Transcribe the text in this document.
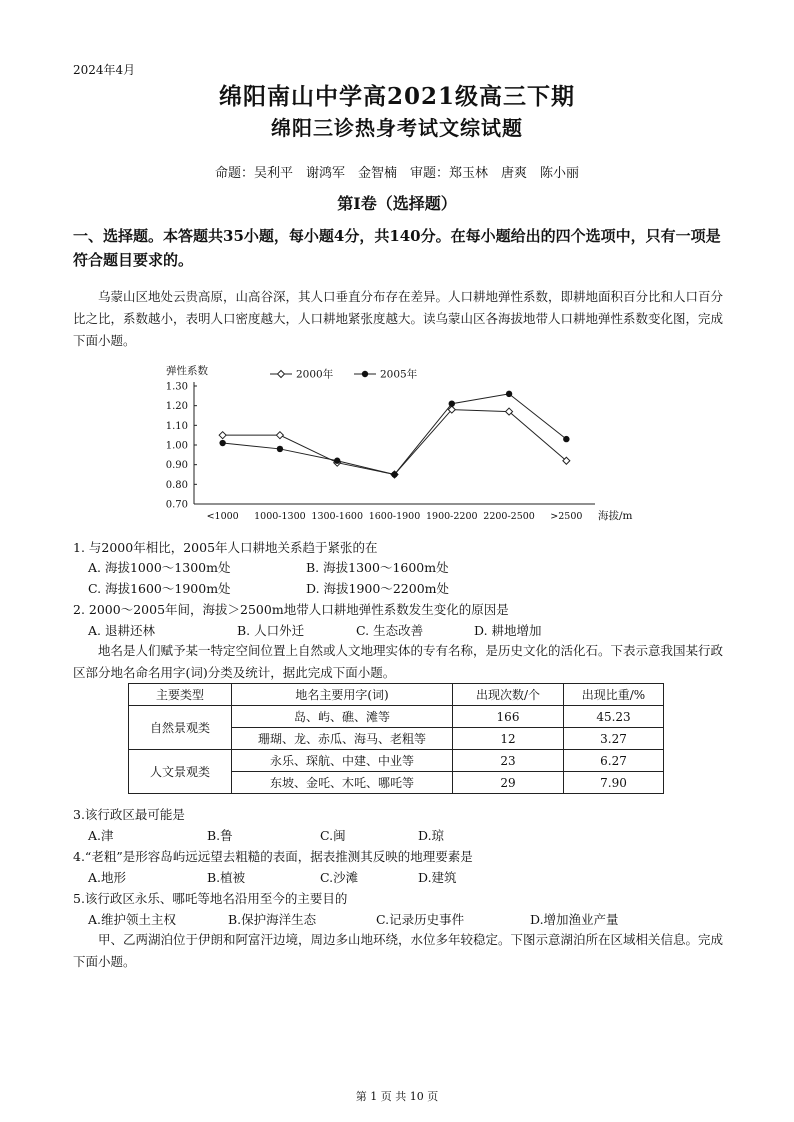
2024年4月
绵阳南山中学高2021级高三下期
绵阳三诊热身考试文综试题
命题：吴利平　谢鸿军　金智楠　审题：郑玉林　唐爽　陈小丽
第Ⅰ卷（选择题）
一、选择题。本答题共35小题，每小题4分，共140分。在每小题给出的四个选项中，只有一项是符合题目要求的。
乌蒙山区地处云贵高原，山高谷深，其人口垂直分布存在差异。人口耕地弹性系数，即耕地面积百分比和人口百分比之比，系数越小，表明人口密度越大，人口耕地紧张度越大。读乌蒙山区各海拔地带人口耕地弹性系数变化图，完成下面小题。
0.70
0.80
0.90
1.00
1.10
1.20
1.30
<1000 1000-1300 1300-1600 1600-1900 1900-2200 2200-2500 >2500
弹性系数
海拔/m
2000年	2005年
1. 与2000年相比，2005年人口耕地关系趋于紧张的在
A. 海拔1000～1300m处	B. 海拔1300～1600m处
C. 海拔1600～1900m处	D. 海拔1900～2200m处
2. 2000～2005年间，海拔＞2500m地带人口耕地弹性系数发生变化的原因是
A. 退耕还林	B. 人口外迁	C. 生态改善	D. 耕地增加
地名是人们赋予某一特定空间位置上自然或人文地理实体的专有名称，是历史文化的活化石。下表示意我国某行政区部分地名命名用字(词)分类及统计，据此完成下面小题。
主要类型	地名主要用字(词)	出现次数/个	出现比重/%
自然景观类	岛、屿、礁、滩等	166	45.23
	珊瑚、龙、赤瓜、海马、老粗等	12	3.27
人文景观类	永乐、琛航、中建、中业等	23	6.27
	东坡、金吒、木吒、哪吒等	29	7.90
3.该行政区最可能是
A.津	B.鲁	C.闽	D.琼
4.“老粗”是形容岛屿远远望去粗糙的表面，据表推测其反映的地理要素是
A.地形	B.植被	C.沙滩	D.建筑
5.该行政区永乐、哪吒等地名沿用至今的主要目的
A.维护领土主权	B.保护海洋生态	C.记录历史事件	D.增加渔业产量
甲、乙两湖泊位于伊朗和阿富汗边境，周边多山地环绕，水位多年较稳定。下图示意湖泊所在区域相关信息。完成下面小题。
第 1 页 共 10 页
